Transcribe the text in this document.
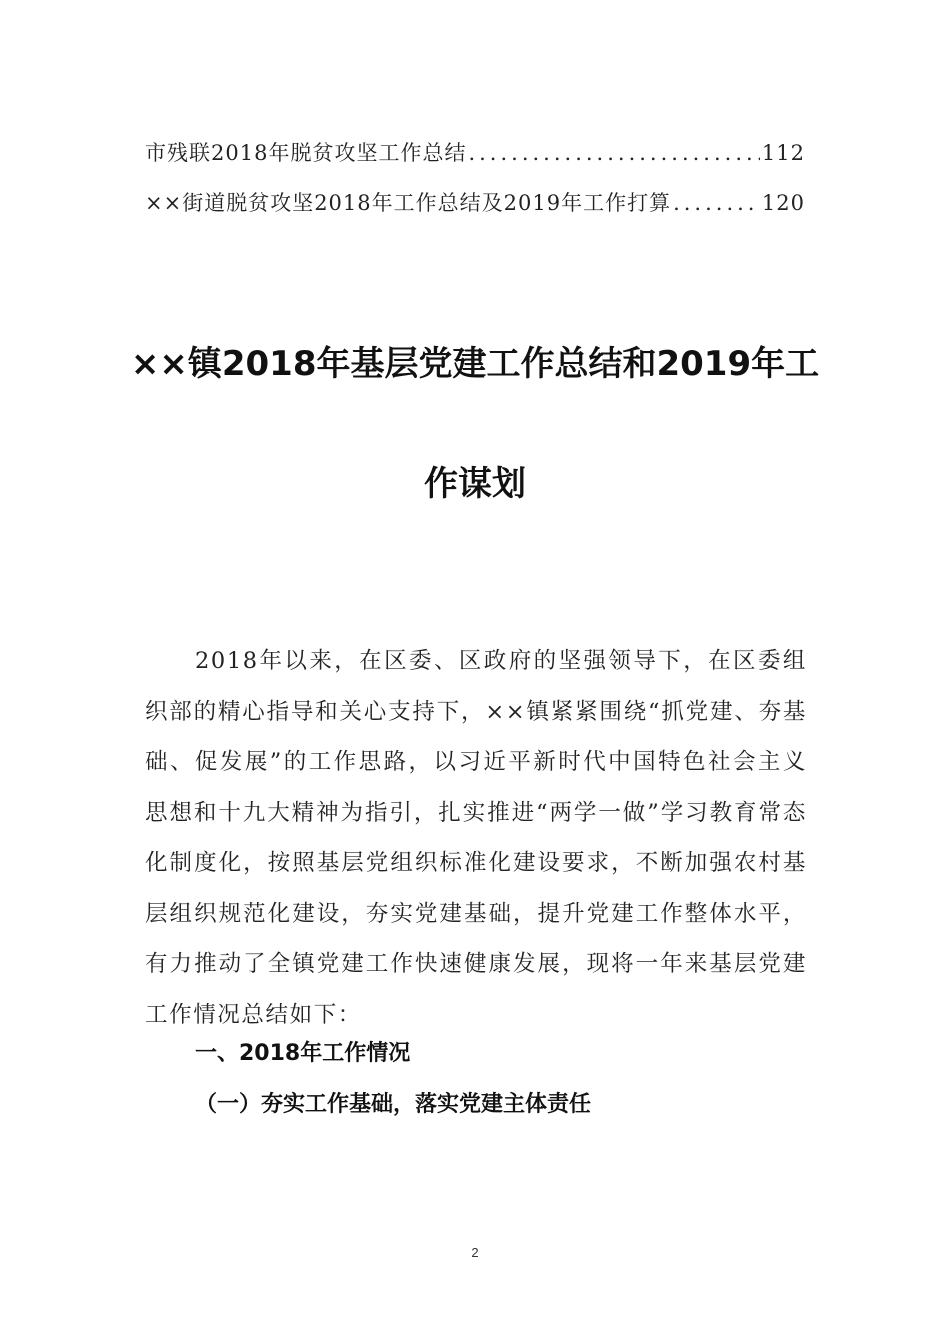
市残联2018年脱贫攻坚工作总结 .....	112
××街道脱贫攻坚2018年工作总结及2019年工作打算 .....	120
××镇2018年基层党建工作总结和2019年工
作谋划

2018年以来，在区委、区政府的坚强领导下，在区委组织部的精心指导和关心支持下，××镇紧紧围绕“抓党建、夯基础、促发展”的工作思路，以习近平新时代中国特色社会主义思想和十九大精神为指引，扎实推进“两学一做”学习教育常态化制度化，按照基层党组织标准化建设要求，不断加强农村基层组织规范化建设，夯实党建基础，提升党建工作整体水平，有力推动了全镇党建工作快速健康发展，现将一年来基层党建工作情况总结如下：

一、2018年工作情况
（一）夯实工作基础，落实党建主体责任
2
